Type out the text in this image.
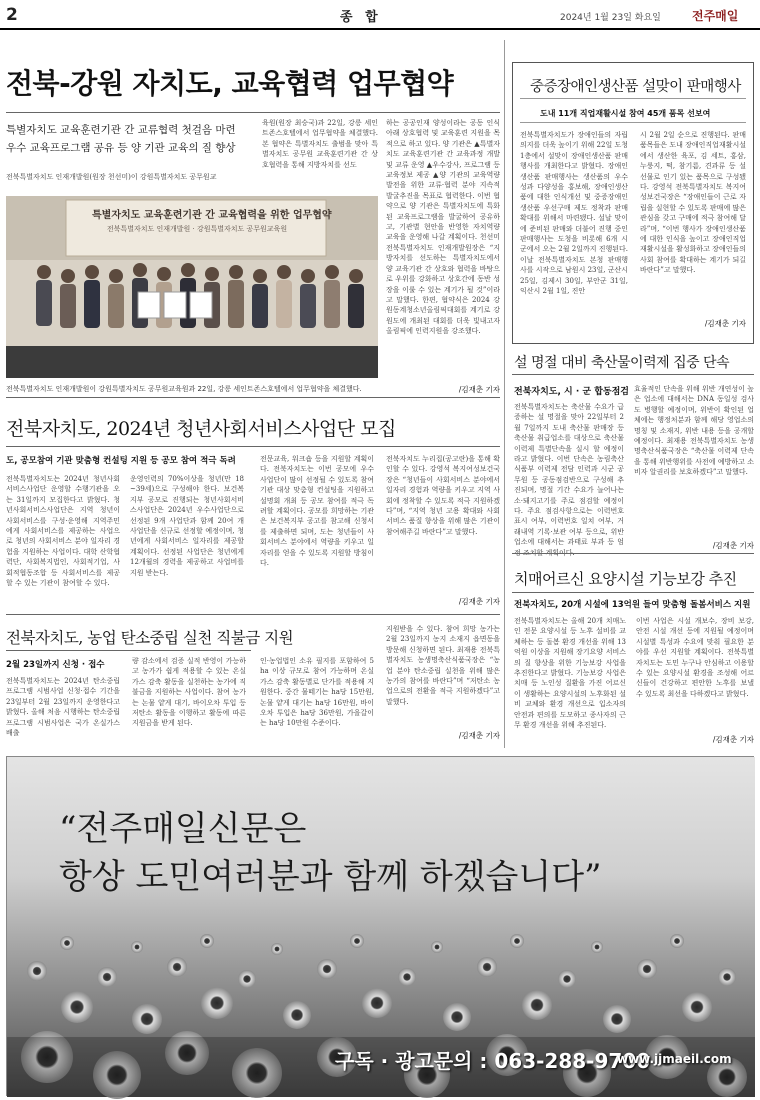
2	종 합	2024년 1월 23일 화요일	전주매일
전북-강원 자치도, 교육협력 업무협약
특별자치도 교육훈련기관 간 교류협력 첫걸음 마련
우수 교육프로그램 공유 등 양 기관 교육의 질 향상
전북특별자치도 인재개발원(원장 천선미)이 강원특별자치도 공무원교
육원(원장 최승국)과 22일, 강릉 세인트존스호텔에서 업무협약을 체결했다. 본 협약은 특별자치도 출범을 맞아 특별자치도 공무원 교육훈련기관 간 상호협력을 통해 지방자치를 선도
하는 공공인재 양성이라는 공동 인식아래 상호협력 및 교육훈련 지원을 목적으로 하고 있다. 양 기관은 ▲특별자치도 교육훈련기관 간 교육과정 개발 및 교류 운영 ▲우수강사, 프로그램 등 교육정보 제공 ▲양 기관의 교육역량 발전을 위한 교류·협력 분야 지속적 발굴추진을 목표로 협력한다. 이번 협약으로 양 기관은 특별자치도에 특화된 교육프로그램을 발굴하여 공유하고, 기관별 현안을 반영한 자치역량 교육을 운영해 나갈 계획이다. 천선미 전북특별자치도 인재개발원장은 “지방자치를 선도하는 특별자치도에서 양 교육기관 간 상호와 협력을 바탕으로 우위를 강화하고 상호간에 동반 성장을 이룰 수 있는 계기가 될 것”이라고 말했다. 한편, 협약식은 2024 강원동계청소년올림픽대회를 계기로 강원도에 개최된 대회를 더욱 빛내고자 올림픽에 인력지원을 강조했다.
특별자치도 교육훈련기관 간 교육협력을 위한 업무협약
전북특별자치도 인재개발원 · 강원특별자치도 공무원교육원
전북특별자치도 인재개발원이 강원특별자치도 공무원교육원과 22일, 강릉 세인트존스호텔에서 업무협약을 체결했다.	/김재춘 기자
중증장애인생산품 설맞이 판매행사
도내 11개 직업재활시설 참여 45개 품목 선보여
전북특별자치도가 장애인들의 자립 의지를 더욱 높이기 위해 22일 도청 1층에서 설맞이 장애인생산품 판매행사를 개최한다고 밝혔다. 장애인생산품 판매행사는 생산품의 우수성과 다양성을 홍보해, 장애인생산품에 대한 인식개선 및 중증장애인생산품 우선구매 제도 정착과 판매 확대를 위해서 마련됐다. 설날 맞이에 준비된 판매와 더불어 진행 중인 판매행사는 도청을 비롯해 6개 시군에서 오는 2월 2일까지 진행된다. 이날 전북특별자치도 본청 판매행사를 시작으로 남원시 23일, 군산시 25일, 김제시 30일, 부안군 31일, 익산시 2월 1일, 진안
시 2월 2일 순으로 진행된다. 판매 품목들은 도내 장애인직업재활시설에서 생산한 육포, 김 세트, 홍삼, 누룽지, 떡, 참기름, 견과류 등 설 선물로 인기 있는 품목으로 구성됐다. 강영석 전북특별자치도 복지여성보건국장은 “장애인들이 근로 자립을 실현할 수 있도록 판매에 많은 관심을 갖고 구매에 적극 참여해 달라”며, “이번 행사가 장애인생산품에 대한 인식을 높이고 장애인직업재활시설을 활성화하고 장애인들의 사회 참여를 확대하는 계기가 되길 바란다”고 말했다.
/김재춘 기자
설 명절 대비 축산물이력제 집중 단속
전북자치도, 시 · 군 합동점검
전북특별자치도는 축산물 수요가 급증하는 설 명절을 맞아 22일부터 2월 7일까지 도내 축산물 판매장 등 축산물 취급업소를 대상으로 축산물 이력제 특별단속을 실시 할 예정이라고 밝혔다. 이번 단속은 농림축산식품부 이력제 전담 인력과 시군 공무원 등 공동점검반으로 구성해 추진되며, 명절 기간 수요가 늘어나는 소·돼지고기를 주로 점검할 예정이다. 주요 점검사항으로는 이력번호 표시 여부, 이력번호 일치 여부, 거래내역 기록·보관 여부 등으로, 위반 업소에 대해서는 과태료 부과 등 엄
효율적인 단속을 위해 위반 개연성이 높은 업소에 대해서는 DNA 동일성 검사도 병행할 예정이며, 위반이 확인된 업체에는 행정처분과 함께 해당 영업소의 명칭 및 소재지, 위반 내용 등을 공개할 예정이다. 최재용 전북특별자치도 농생명축산식품국장은 “축산물 이력제 단속을 통해 위반행위를 사전에 예방하고 소비자 알권리를 보호하겠다”고 말했다.
/김재춘 기자
치매어르신 요양시설 기능보강 추진
전북자치도, 20개 시설에 13억원 들여 맞춤형 돌봄서비스 지원
전북특별자치도는 올해 20개 치매노인 전문 요양시설 등 노후 설비를 교체하는 등 돌봄 환경 개선을 위해 13억원 이상을 지원해 장기요양 서비스의 질 향상을 위한 기능보강 사업을 추진한다고 밝혔다. 기능보강 사업은 치매 등 노인성 질환을 가진 어르신이 생활하는 요양시설의 노후화된 설비 교체와 환경 개선으로 입소자의 안전과 편의를 도모하고 종사자의 근무 환경 개선을 위해 추진된다.
이번 사업은 시설 개보수, 장비 보강, 안전 시설 개선 등에 지원될 예정이며 시설별 특성과 수요에 맞춰 필요한 분야를 우선 지원할 계획이다. 전북특별자치도는 도민 누구나 안심하고 이용할 수 있는 요양시설 환경을 조성해 어르신들이 건강하고 편안한 노후를 보낼 수 있도록 최선을 다하겠다고 밝혔다.
/김재춘 기자
전북자치도, 2024년 청년사회서비스사업단 모집
도, 공모참여 기관 맞춤형 컨설팅 지원 등 공모 참여 적극 독려
전북특별자치도는 2024년 청년사회서비스사업단 운영할 수행기관을 오는 31일까지 모집한다고 밝혔다. 청년사회서비스사업단은 지역 청년이 사회서비스를 구성·운영해 지역주민에게 사회서비스를 제공하는 사업으로 청년의 사회서비스 분야 일자리 경험을 지원하는 사업이다. 대학 산학협력단, 사회복지법인, 사회적기업, 사회적협동조합 등 사회서비스를 제공할 수 있는 기관이 참여할 수 있다.
운영인력의 70%이상을 청년(만 18~39세)으로 구성해야 한다. 보건복지부 공모로 진행되는 청년사회서비스사업단은 2024년 우수사업단으로 선정된 9개 사업단과 함께 20여 개 사업단을 신규로 선정할 예정이며, 청년에게 사회서비스 일자리를 제공할 계획이다. 선정된 사업단은 청년에게 12개월의 경력을 제공하고 사업비를 지원 받는다.
전문교육, 워크숍 등을 지원할 계획이다. 전북자치도는 이번 공모에 우수 사업단이 많이 선정될 수 있도록 참여 기관 대상 맞춤형 컨설팅을 지원하고 설명회 개최 등 공모 참여를 적극 독려할 계획이다. 공모를 희망하는 기관은 보건복지부 공고를 참고해 신청서를 제출하면 되며, 도는 청년들이 사회서비스 분야에서 역량을 키우고 일자리를 얻을 수 있도록 지원할 방침이다.
전북자치도 누리집(공고란)을 통해 확인할 수 있다. 강영석 복지여성보건국장은 “청년들이 사회서비스 분야에서 일자리 경험과 역량을 키우고 지역 사회에 정착할 수 있도록 적극 지원하겠다”며, “지역 청년 고용 확대와 사회서비스 품질 향상을 위해 많은 기관이 참여해주길 바란다”고 말했다.
/김재춘 기자
전북자치도, 농업 탄소중립 실천 직불금 지원
2월 23일까지 신청 · 접수
전북특별자치도는 2024년 탄소중립 프로그램 시범사업 신청·접수 기간을 23일부터 2월 23일까지 운영한다고 밝혔다. 올해 처음 시행하는 탄소중립 프로그램 시범사업은 국가 온실가스 배출
량 감소에서 검증 실적 반영이 가능하고 농가가 쉽게 적용할 수 있는 온실가스 감축 활동을 실천하는 농가에 직불금을 지원하는 사업이다. 참여 농가는 논물 얕게 대기, 바이오차 투입 등 저탄소 활동을 이행하고 활동에 따른 지원금을 받게 된다.
인·농업법인 소유 필지를 포함하여 5ha 이상 규모로 참여 가능하며 온실가스 감축 활동별로 단가를 적용해 지원한다. 중간 물떼기는 ha당 15만원, 논물 얕게 대기는 ha당 16만원, 바이오차 투입은 ha당 36만원, 가을갈이는 ha당 10만원 수준이다.
지원받을 수 있다. 참여 희망 농가는 2월 23일까지 농지 소재지 읍면동을 방문해 신청하면 된다. 최재용 전북특별자치도 농생명축산식품국장은 “농업 분야 탄소중립 실천을 위해 많은 농가의 참여를 바란다”며 “저탄소 농업으로의 전환을 적극 지원하겠다”고 말했다.
/김재춘 기자
“전주매일신문은
항상 도민여러분과 함께 하겠습니다”
구독 · 광고문의 : 063-288-9700
www.jjmaeil.com
